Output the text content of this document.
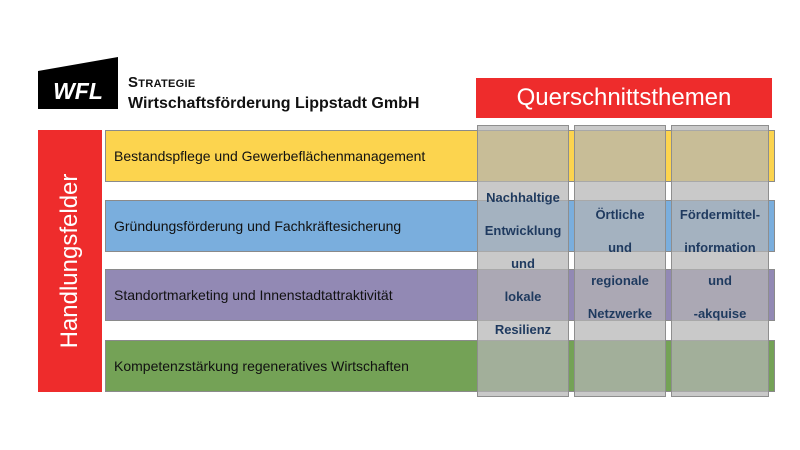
WFL Strategie
Wirtschaftsförderung Lippstadt GmbH	Querschnittsthemen
Handlungsfelder
Bestandspflege und Gewerbeflächenmanagement
Gründungsförderung und Fachkräftesicherung
Standortmarketing und Innenstadtattraktivität
Kompetenzstärkung regeneratives Wirtschaften
Nachhaltige
Entwicklung
und
lokale
Resilienz
Örtliche
und
regionale
Netzwerke
Fördermittel-
information
und
-akquise
